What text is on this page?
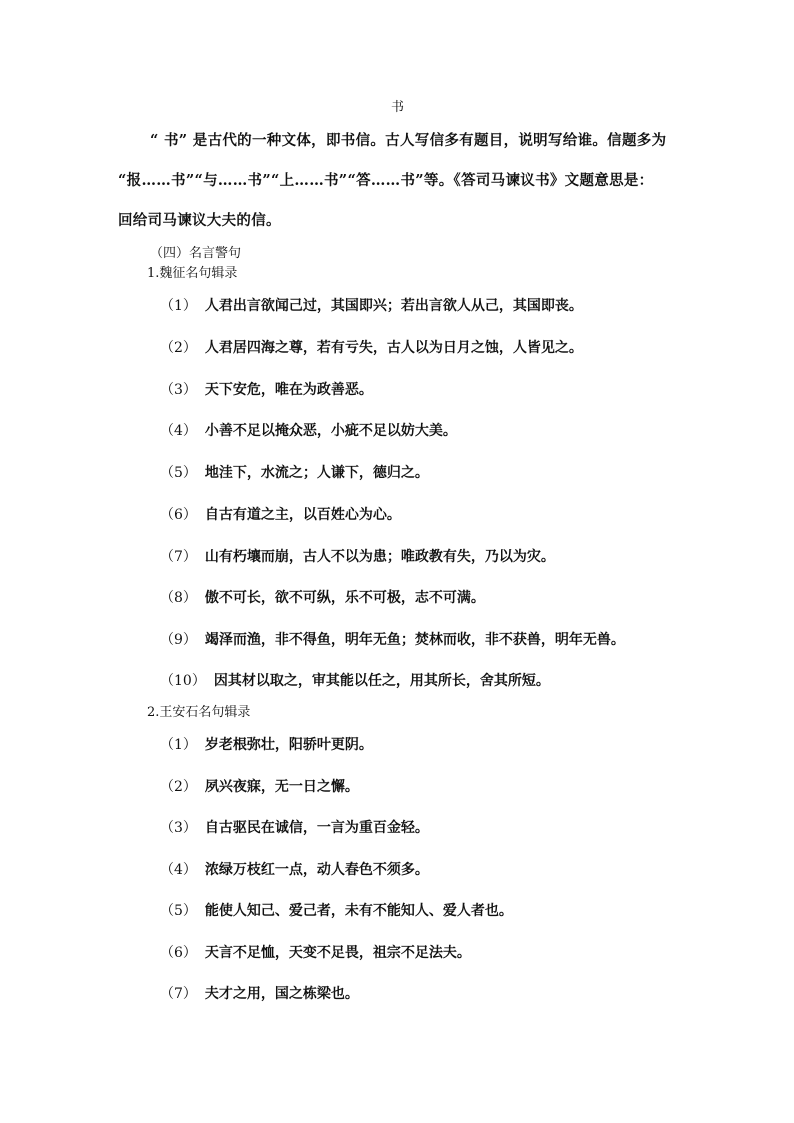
书

“ 书” 是古代的一种文体，即书信。古人写信多有题目，说明写给谁。信题多为

“报……书”“与……书”“上……书”“答……书”等。《答司马谏议书》文题意思是：

回给司马谏议大夫的信。

（四）名言警句

1.魏征名句辑录

（1） 人君出言欲闻己过，其国即兴；若出言欲人从己，其国即丧。

（2） 人君居四海之尊，若有亏失，古人以为日月之蚀，人皆见之。

（3） 天下安危，唯在为政善恶。

（4） 小善不足以掩众恶，小疵不足以妨大美。

（5） 地洼下，水流之；人谦下，德归之。

（6） 自古有道之主，以百姓心为心。

（7） 山有朽壤而崩，古人不以为患；唯政教有失，乃以为灾。

（8） 傲不可长，欲不可纵，乐不可极，志不可满。

（9） 竭泽而渔，非不得鱼，明年无鱼；焚林而收，非不获兽，明年无兽。

（10） 因其材以取之，审其能以任之，用其所长，舍其所短。

2.王安石名句辑录

（1） 岁老根弥壮，阳骄叶更阴。

（2） 夙兴夜寐，无一日之懈。

（3） 自古驱民在诚信，一言为重百金轻。

（4） 浓绿万枝红一点，动人春色不须多。

（5） 能使人知己、爱己者，未有不能知人、爱人者也。

（6） 天言不足恤，天变不足畏，祖宗不足法夫。

（7） 夫才之用，国之栋梁也。
